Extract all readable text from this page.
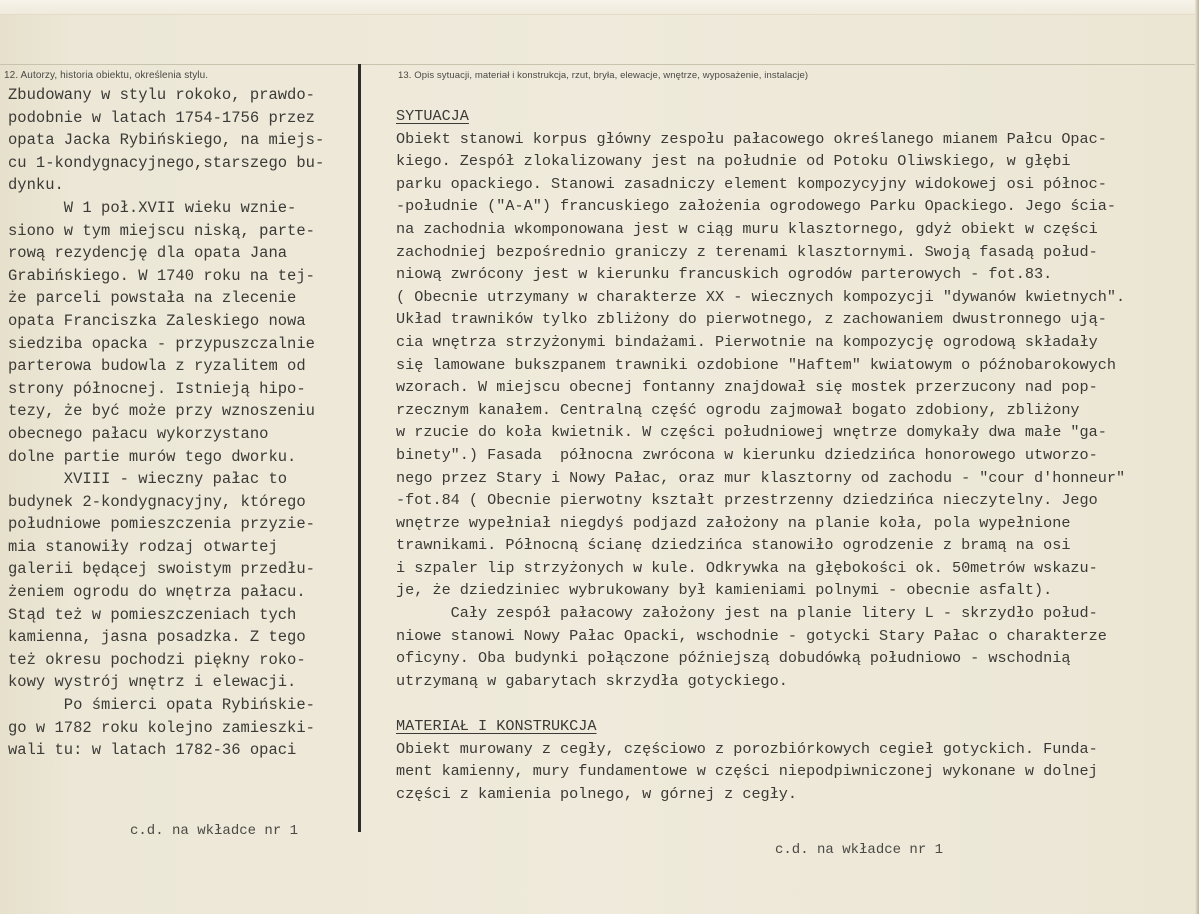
12. Autorzy, historia obiektu, określenia stylu.	13. Opis sytuacji, materiał i konstrukcja, rzut, bryła, elewacje, wnętrze, wyposażenie, instalacje)
Zbudowany w stylu rokoko, prawdo-
podobnie w latach 1754-1756 przez
opata Jacka Rybińskiego, na miejs-
cu 1-kondygnacyjnego,starszego bu-
dynku.
W 1 poł.XVII wieku wznie-
siono w tym miejscu niską, parte-
rową rezydencję dla opata Jana
Grabińskiego. W 1740 roku na tej-
że parceli powstała na zlecenie
opata Franciszka Zaleskiego nowa
siedziba opacka - przypuszczalnie
parterowa budowla z ryzalitem od
strony północnej. Istnieją hipo-
tezy, że być może przy wznoszeniu
obecnego pałacu wykorzystano
dolne partie murów tego dworku.
XVIII - wieczny pałac to
budynek 2-kondygnacyjny, którego
południowe pomieszczenia przyzie-
mia stanowiły rodzaj otwartej
galerii będącej swoistym przedłu-
żeniem ogrodu do wnętrza pałacu.
Stąd też w pomieszczeniach tych
kamienna, jasna posadzka. Z tego
też okresu pochodzi piękny roko-
kowy wystrój wnętrz i elewacji.
Po śmierci opata Rybińskie-
go w 1782 roku kolejno zamieszki-
wali tu: w latach 1782-36 opaci
SYTUACJA
Obiekt stanowi korpus główny zespołu pałacowego określanego mianem Pałcu Opac-
kiego. Zespół zlokalizowany jest na południe od Potoku Oliwskiego, w głębi
parku opackiego. Stanowi zasadniczy element kompozycyjny widokowej osi północ-
-południe ("A-A") francuskiego założenia ogrodowego Parku Opackiego. Jego ścia-
na zachodnia wkomponowana jest w ciąg muru klasztornego, gdyż obiekt w części
zachodniej bezpośrednio graniczy z terenami klasztornymi. Swoją fasadą połud-
niową zwrócony jest w kierunku francuskich ogrodów parterowych - fot.83.
( Obecnie utrzymany w charakterze XX - wiecznych kompozycji "dywanów kwietnych".
Układ trawników tylko zbliżony do pierwotnego, z zachowaniem dwustronnego ują-
cia wnętrza strzyżonymi bindażami. Pierwotnie na kompozycję ogrodową składały
się lamowane bukszpanem trawniki ozdobione "Haftem" kwiatowym o późnobarokowych
wzorach. W miejscu obecnej fontanny znajdował się mostek przerzucony nad pop-
rzecznym kanałem. Centralną część ogrodu zajmował bogato zdobiony, zbliżony
w rzucie do koła kwietnik. W części południowej wnętrze domykały dwa małe "ga-
binety".) Fasada  północna zwrócona w kierunku dziedzińca honorowego utworzo-
nego przez Stary i Nowy Pałac, oraz mur klasztorny od zachodu - "cour d'honneur"
-fot.84 ( Obecnie pierwotny kształt przestrzenny dziedzińca nieczytelny. Jego
wnętrze wypełniał niegdyś podjazd założony na planie koła, pola wypełnione
trawnikami. Północną ścianę dziedzińca stanowiło ogrodzenie z bramą na osi
i szpaler lip strzyżonych w kule. Odkrywka na głębokości ok. 50metrów wskazu-
je, że dziedziniec wybrukowany był kamieniami polnymi - obecnie asfalt).
Cały zespół pałacowy założony jest na planie litery L - skrzydło połud-
niowe stanowi Nowy Pałac Opacki, wschodnie - gotycki Stary Pałac o charakterze
oficyny. Oba budynki połączone późniejszą dobudówką południowo - wschodnią
utrzymaną w gabarytach skrzydła gotyckiego.
MATERIAŁ I KONSTRUKCJA
Obiekt murowany z cegły, częściowo z porozbiórkowych cegieł gotyckich. Funda-
ment kamienny, mury fundamentowe w części niepodpiwniczonej wykonane w dolnej
części z kamienia polnego, w górnej z cegły.
c.d. na wkładce nr 1
c.d. na wkładce nr 1
